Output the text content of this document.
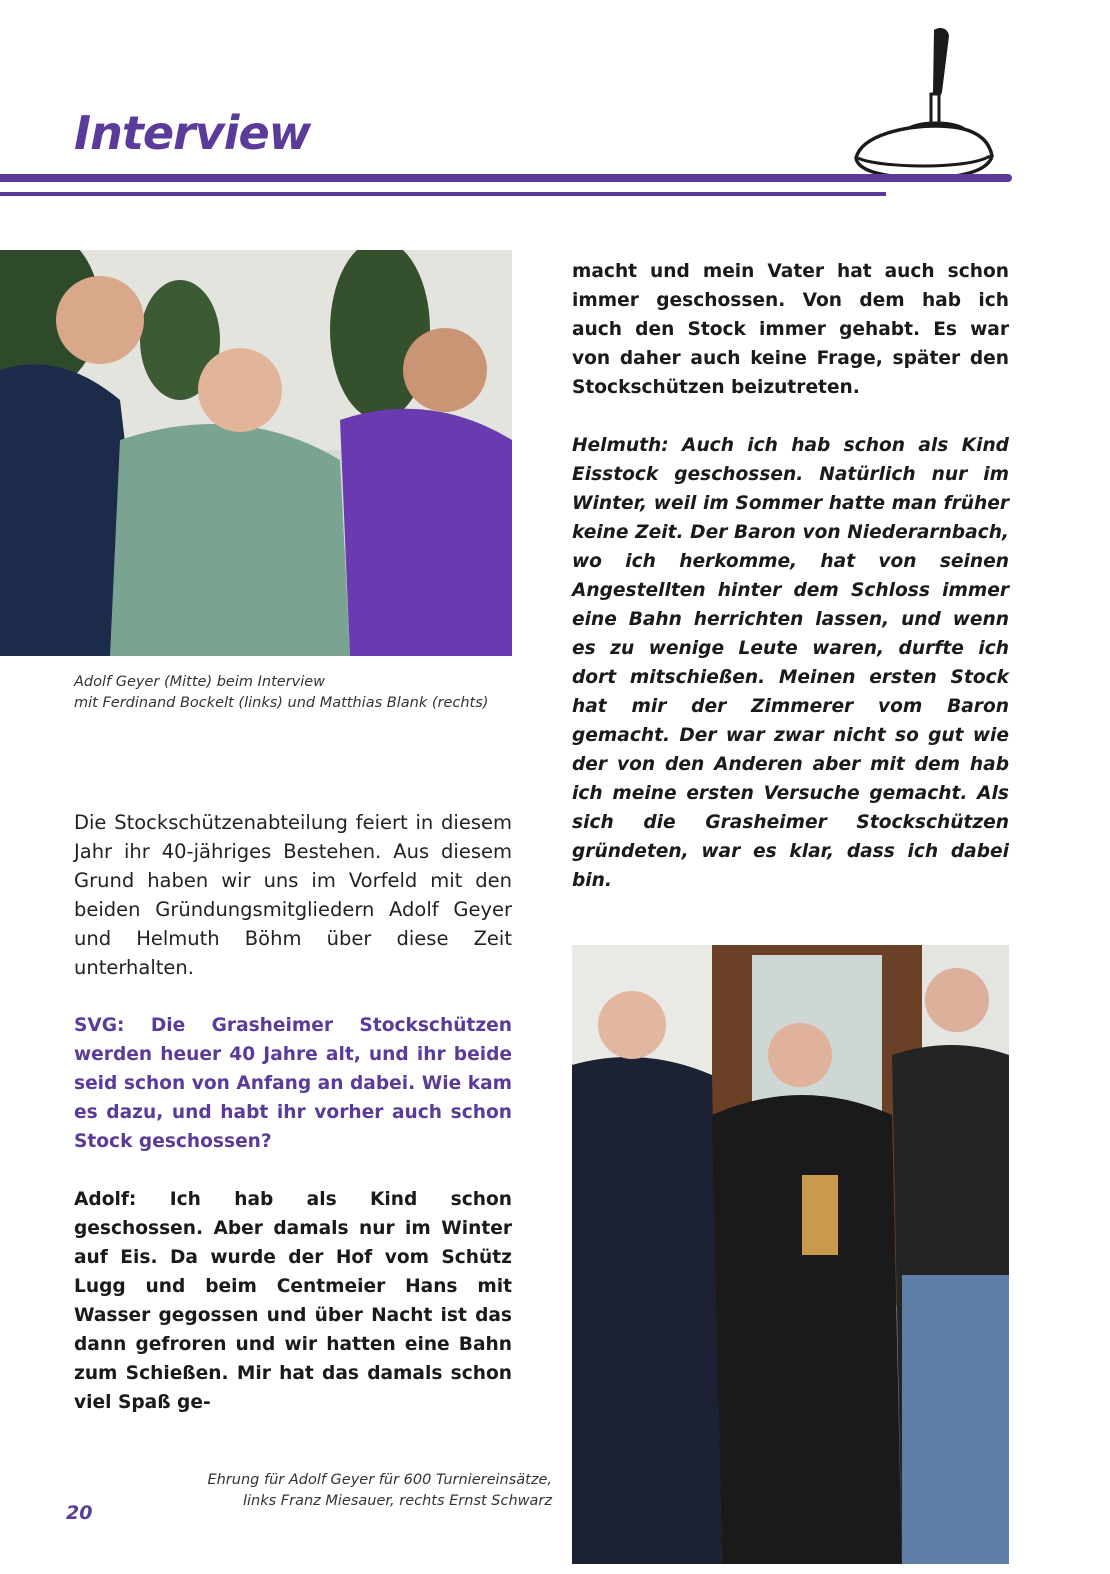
Interview
Adolf Geyer (Mitte) beim Interview
mit Ferdinand Bockelt (links) und Matthias Blank (rechts)

Die Stockschützenabteilung feiert in diesem Jahr ihr 40-jähriges Bestehen. Aus diesem Grund haben wir uns im Vorfeld mit den beiden Gründungsmitgliedern Adolf Geyer und Helmuth Böhm über diese Zeit unterhalten.

SVG: Die Grasheimer Stockschützen werden heuer 40 Jahre alt, und ihr beide seid schon von Anfang an dabei. Wie kam es dazu, und habt ihr vorher auch schon Stock geschossen?

Adolf: Ich hab als Kind schon geschossen. Aber damals nur im Winter auf Eis. Da wurde der Hof vom Schütz Lugg und beim Centmeier Hans mit Wasser gegossen und über Nacht ist das dann gefroren und wir hatten eine Bahn zum Schießen. Mir hat das damals schon viel Spaß ge-

macht und mein Vater hat auch schon immer geschossen. Von dem hab ich auch den Stock immer gehabt. Es war von daher auch keine Frage, später den Stockschützen beizutreten.

Helmuth: Auch ich hab schon als Kind Eisstock geschossen. Natürlich nur im Winter, weil im Sommer hatte man früher keine Zeit. Der Baron von Niederarnbach, wo ich herkomme, hat von seinen Angestellten hinter dem Schloss immer eine Bahn herrichten lassen, und wenn es zu wenige Leute waren, durfte ich dort mitschießen. Meinen ersten Stock hat mir der Zimmerer vom Baron gemacht. Der war zwar nicht so gut wie der von den Anderen aber mit dem hab ich meine ersten Versuche gemacht. Als sich die Grasheimer Stockschützen gründeten, war es klar, dass ich dabei bin.

Ehrung für Adolf Geyer für 600 Turniereinsätze,
links Franz Miesauer, rechts Ernst Schwarz

20
